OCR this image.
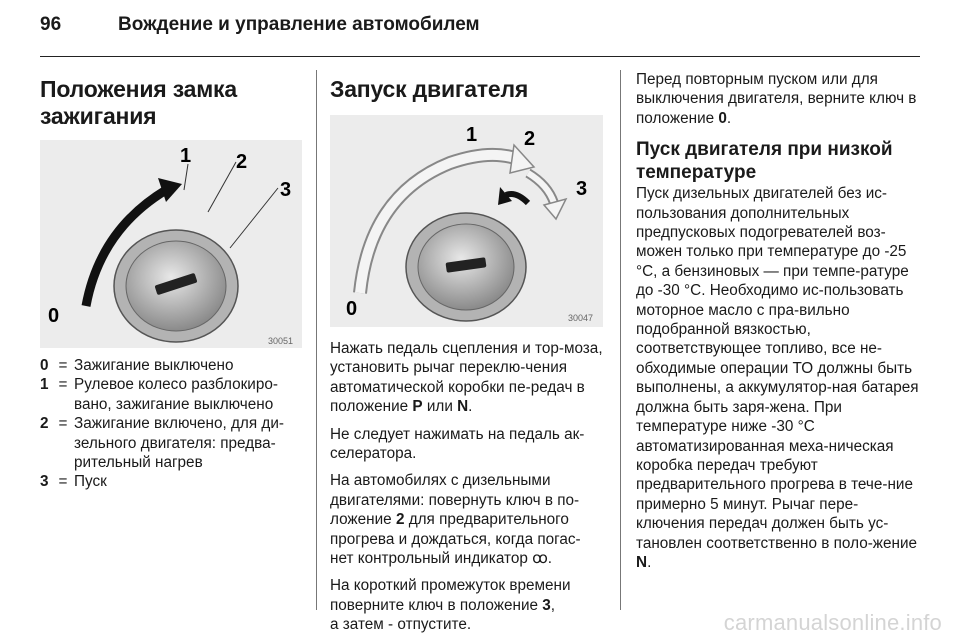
96	Вождение и управление автомобилем
Положения замка зажигания
0
1 2
3
30051
0 = Зажигание выключено
1 = Рулевое колесо разблокиро-вано, зажигание выключено
2 = Зажигание включено, для ди-зельного двигателя: предва-рительный нагрев
3 = Пуск
Запуск двигателя
0
1 2
3
30047

Нажать педаль сцепления и тор-моза, установить рычаг переклю-чения автоматической коробки пе-редач в положение P или N.

Не следует нажимать на педаль ак-селератора.

На автомобилях с дизельными двигателями: повернуть ключ в по-ложение 2 для предварительного прогрева и дождаться, когда погас-нет контрольный индикатор ꝏ.

На короткий промежуток времени поверните ключ в положение 3,
а затем - отпустите.

Перед повторным пуском или для выключения двигателя, верните ключ в положение 0.

Пуск двигателя при низкой температуре

Пуск дизельных двигателей без ис-пользования дополнительных предпусковых подогревателей воз-можен только при температуре до -25 °C, а бензиновых — при темпе-ратуре до -30 °C. Необходимо ис-пользовать моторное масло с пра-вильно подобранной вязкостью, соответствующее топливо, все не-обходимые операции ТО должны быть выполнены, а аккумулятор-ная батарея должна быть заря-жена. При температуре ниже -30 °C автоматизированная меха-ническая коробка передач требуют предварительного прогрева в тече-ние примерно 5 минут. Рычаг пере-ключения передач должен быть ус-тановлен соответственно в поло-жение N.

carmanualsonline.info
